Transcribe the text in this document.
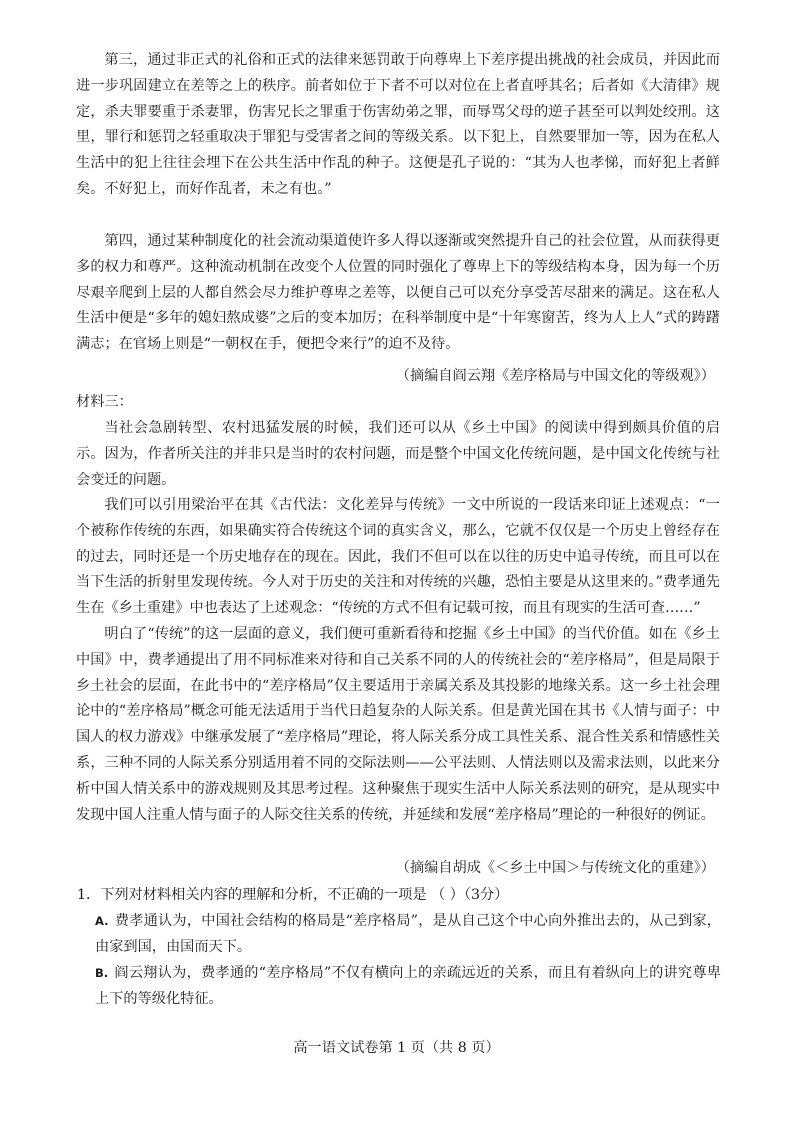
第三，通过非正式的礼俗和正式的法律来惩罚敢于向尊卑上下差序提出挑战的社会成员，并因此而进一步巩固建立在差等之上的秩序。前者如位于下者不可以对位在上者直呼其名；后者如《大清律》规定，杀夫罪要重于杀妻罪，伤害兄长之罪重于伤害幼弟之罪，而辱骂父母的逆子甚至可以判处绞刑。这里，罪行和惩罚之轻重取决于罪犯与受害者之间的等级关系。以下犯上，自然要罪加一等，因为在私人生活中的犯上往往会埋下在公共生活中作乱的种子。这便是孔子说的：“其为人也孝悌，而好犯上者鲜矣。不好犯上，而好作乱者，未之有也。”

第四，通过某种制度化的社会流动渠道使许多人得以逐渐或突然提升自己的社会位置，从而获得更多的权力和尊严。这种流动机制在改变个人位置的同时强化了尊卑上下的等级结构本身，因为每一个历尽艰辛爬到上层的人都自然会尽力维护尊卑之差等，以便自己可以充分享受苦尽甜来的满足。这在私人生活中便是“多年的媳妇熬成婆”之后的变本加厉；在科举制度中是“十年寒窗苦，终为人上人”式的踌躇满志；在官场上则是“一朝权在手，便把令来行”的迫不及待。

（摘编自阎云翔《差序格局与中国文化的等级观》）

材料三：

当社会急剧转型、农村迅猛发展的时候，我们还可以从《乡土中国》的阅读中得到颇具价值的启示。因为，作者所关注的并非只是当时的农村问题，而是整个中国文化传统问题，是中国文化传统与社会变迁的问题。

我们可以引用梁治平在其《古代法：文化差异与传统》一文中所说的一段话来印证上述观点：“一个被称作传统的东西，如果确实符合传统这个词的真实含义，那么，它就不仅仅是一个历史上曾经存在的过去，同时还是一个历史地存在的现在。因此，我们不但可以在以往的历史中追寻传统，而且可以在当下生活的折射里发现传统。今人对于历史的关注和对传统的兴趣，恐怕主要是从这里来的。”费孝通先生在《乡土重建》中也表达了上述观念：“传统的方式不但有记载可按，而且有现实的生活可查……”

明白了“传统”的这一层面的意义，我们便可重新看待和挖掘《乡土中国》的当代价值。如在《乡土中国》中，费孝通提出了用不同标准来对待和自己关系不同的人的传统社会的“差序格局”，但是局限于乡土社会的层面，在此书中的“差序格局”仅主要适用于亲属关系及其投影的地缘关系。这一乡土社会理论中的“差序格局”概念可能无法适用于当代日趋复杂的人际关系。但是黄光国在其书《人情与面子：中国人的权力游戏》中继承发展了“差序格局”理论，将人际关系分成工具性关系、混合性关系和情感性关系，三种不同的人际关系分别适用着不同的交际法则——公平法则、人情法则以及需求法则，以此来分析中国人情关系中的游戏规则及其思考过程。这种聚焦于现实生活中人际关系法则的研究，是从现实中发现中国人注重人情与面子的人际交往关系的传统，并延续和发展“差序格局”理论的一种很好的例证。

（摘编自胡成《＜乡土中国＞与传统文化的重建》）

1．下列对材料相关内容的理解和分析，不正确的一项是 （ ）（3分）

A. 费孝通认为，中国社会结构的格局是“差序格局”，是从自己这个中心向外推出去的，从己到家，由家到国，由国而天下。

B. 阎云翔认为，费孝通的“差序格局”不仅有横向上的亲疏远近的关系，而且有着纵向上的讲究尊卑上下的等级化特征。

高一语文试卷第 1 页（共 8 页）
